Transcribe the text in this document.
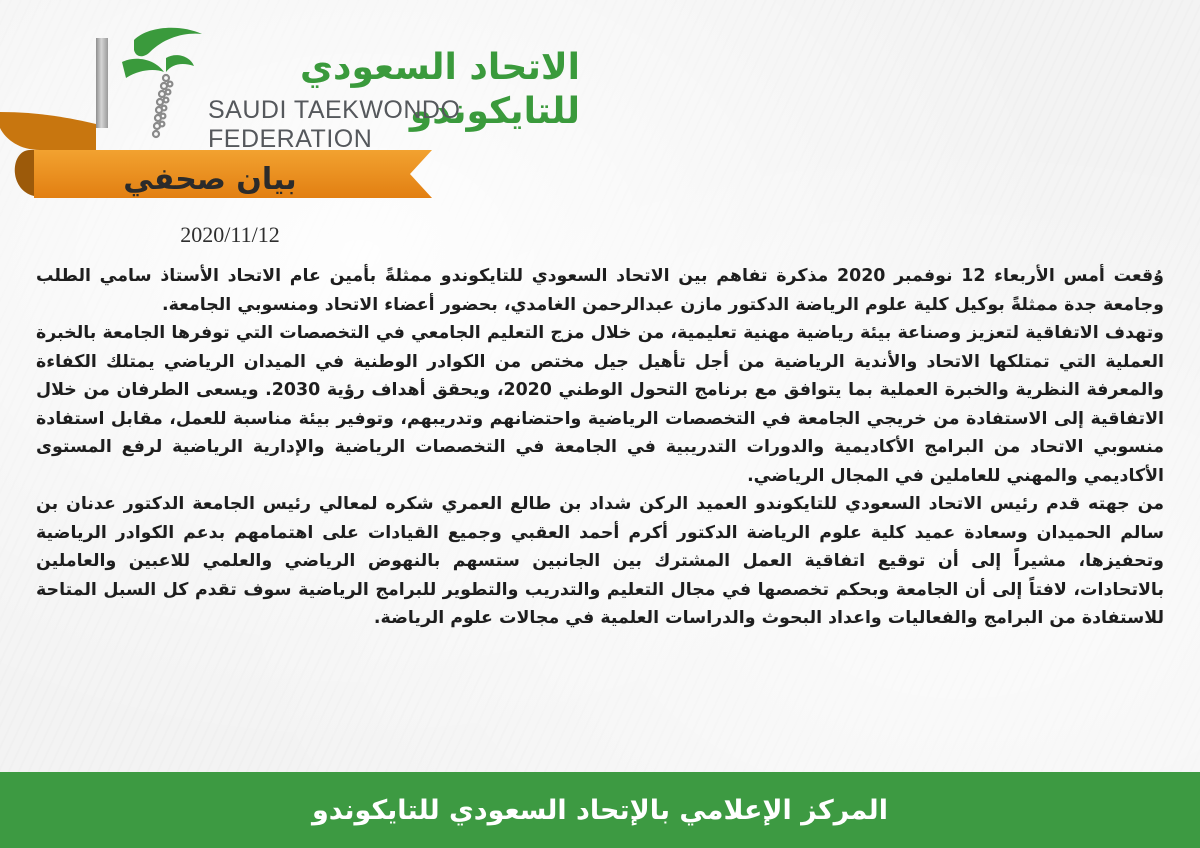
الاتحاد السعودي للتايكوندو
SAUDI TAEKWONDO FEDERATION
بيان صحفي
2020/11/12

وُقعت أمس الأربعاء 12 نوفمبر 2020 مذكرة تفاهم بين الاتحاد السعودي للتايكوندو ممثلةً بأمين عام الاتحاد الأستاذ سامي الطلب وجامعة جدة ممثلةً بوكيل كلية علوم الرياضة الدكتور مازن عبدالرحمن الغامدي، بحضور أعضاء الاتحاد ومنسوبي الجامعة.

وتهدف الاتفاقية لتعزيز وصناعة بيئة رياضية مهنية تعليمية، من خلال مزج التعليم الجامعي في التخصصات التي توفرها الجامعة بالخبرة العملية التي تمتلكها الاتحاد والأندية الرياضية من أجل تأهيل جيل مختص من الكوادر الوطنية في الميدان الرياضي يمتلك الكفاءة والمعرفة النظرية والخبرة العملية بما يتوافق مع برنامج التحول الوطني 2020، ويحقق أهداف رؤية 2030. ويسعى الطرفان من خلال الاتفاقية إلى الاستفادة من خريجي الجامعة في التخصصات الرياضية واحتضانهم وتدريبهم، وتوفير بيئة مناسبة للعمل، مقابل استفادة منسوبي الاتحاد من البرامج الأكاديمية والدورات التدريبية في الجامعة في التخصصات الرياضية والإدارية الرياضية لرفع المستوى الأكاديمي والمهني للعاملين في المجال الرياضي.

من جهته قدم رئيس الاتحاد السعودي للتايكوندو العميد الركن شداد بن طالع العمري شكره لمعالي رئيس الجامعة الدكتور عدنان بن سالم الحميدان وسعادة عميد كلية علوم الرياضة الدكتور أكرم أحمد العقبي وجميع القيادات على اهتمامهم بدعم الكوادر الرياضية وتحفيزها، مشيراً إلى أن توقيع اتفاقية العمل المشترك بين الجانبين ستسهم بالنهوض الرياضي والعلمي للاعبين والعاملين بالاتحادات، لافتاً إلى أن الجامعة وبحكم تخصصها في مجال التعليم والتدريب والتطوير للبرامج الرياضية سوف تقدم كل السبل المتاحة للاستفادة من البرامج والفعاليات واعداد البحوث والدراسات العلمية في مجالات علوم الرياضة.

المركز الإعلامي بالإتحاد السعودي للتايكوندو
